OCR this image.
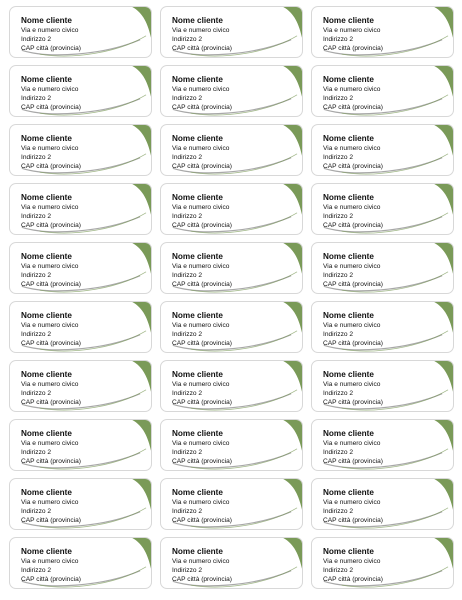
Nome cliente
Via e numero civico
Indirizzo 2
CAP città (provincia)
Nome cliente
Via e numero civico
Indirizzo 2
CAP città (provincia)
Nome cliente
Via e numero civico
Indirizzo 2
CAP città (provincia)
Nome cliente
Via e numero civico
Indirizzo 2
CAP città (provincia)
Nome cliente
Via e numero civico
Indirizzo 2
CAP città (provincia)
Nome cliente
Via e numero civico
Indirizzo 2
CAP città (provincia)
Nome cliente
Via e numero civico
Indirizzo 2
CAP città (provincia)
Nome cliente
Via e numero civico
Indirizzo 2
CAP città (provincia)
Nome cliente
Via e numero civico
Indirizzo 2
CAP città (provincia)
Nome cliente
Via e numero civico
Indirizzo 2
CAP città (provincia)
Nome cliente
Via e numero civico
Indirizzo 2
CAP città (provincia)
Nome cliente
Via e numero civico
Indirizzo 2
CAP città (provincia)
Nome cliente
Via e numero civico
Indirizzo 2
CAP città (provincia)
Nome cliente
Via e numero civico
Indirizzo 2
CAP città (provincia)
Nome cliente
Via e numero civico
Indirizzo 2
CAP città (provincia)
Nome cliente
Via e numero civico
Indirizzo 2
CAP città (provincia)
Nome cliente
Via e numero civico
Indirizzo 2
CAP città (provincia)
Nome cliente
Via e numero civico
Indirizzo 2
CAP città (provincia)
Nome cliente
Via e numero civico
Indirizzo 2
CAP città (provincia)
Nome cliente
Via e numero civico
Indirizzo 2
CAP città (provincia)
Nome cliente
Via e numero civico
Indirizzo 2
CAP città (provincia)
Nome cliente
Via e numero civico
Indirizzo 2
CAP città (provincia)
Nome cliente
Via e numero civico
Indirizzo 2
CAP città (provincia)
Nome cliente
Via e numero civico
Indirizzo 2
CAP città (provincia)
Nome cliente
Via e numero civico
Indirizzo 2
CAP città (provincia)
Nome cliente
Via e numero civico
Indirizzo 2
CAP città (provincia)
Nome cliente
Via e numero civico
Indirizzo 2
CAP città (provincia)
Nome cliente
Via e numero civico
Indirizzo 2
CAP città (provincia)
Nome cliente
Via e numero civico
Indirizzo 2
CAP città (provincia)
Nome cliente
Via e numero civico
Indirizzo 2
CAP città (provincia)
